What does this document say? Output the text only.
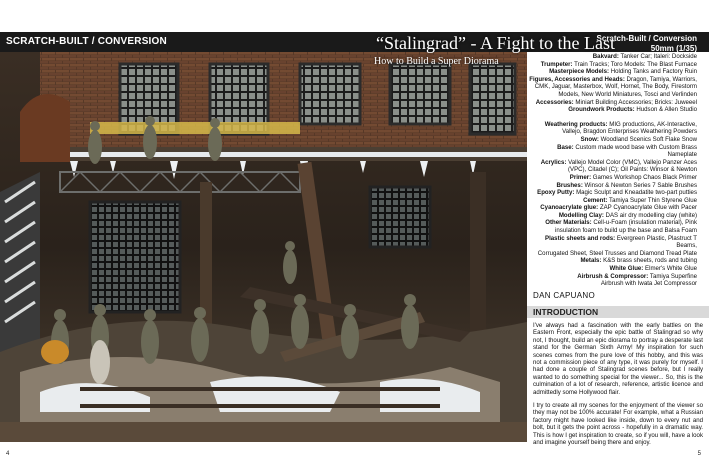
SCRATCH-BUILT / CONVERSION	Scratch-Built / Conversion
50mm (1/35)
“Stalingrad” - A Fight to the Last
How to Build a Super Diorama	Bakvard: Tanker Car; Italeri: Dockside

Trumpeter: Train Tracks; Toro Models: The Blast Furnace

Masterpiece Models: Holding Tanks and Factory Ruin

Figures, Accessories and Heads: Dragon, Tamiya, Warriors,

CMK, Jaguar, Masterbox, Wolf, Hornet, The Body, Firestorm

Models, New World Miniatures, Tosci and Verlinden

Accessories: Miniart Building Accessories; Bricks: Juweeel

Groundwork Products: Hudson & Allen Studio

Weathering products: MIG productions, AK-Interactive,

Vallejo, Bragdon Enterprises Weathering Powders

Snow: Woodland Scenics Soft Flake Snow

Base: Custom made wood base with Custom Brass Nameplate

Acrylics: Vallejo Model Color (VMC), Vallejo Panzer Aces

(VPC), Citadel (C); Oil Paints: Winsor & Newton

Primer: Games Workshop Chaos Black Primer

Brushes: Winsor & Newton Series 7 Sable Brushes

Epoxy Putty: Magic Sculpt and Kneadatite two-part putties

Cement: Tamiya Super Thin Styrene Glue

Cyanoacrylate glue: ZAP Cyanoacrylate Glue with Pacer

Modelling Clay: DAS air dry modelling clay (white)

Other Materials: Cell-u-Foam (insulation material), Pink

insulation foam to build up the base and Balsa Foam

Plastic sheets and rods: Evergreen Plastic, Plastruct T Beams,

Corrugated Sheet, Steel Trusses and Diamond Tread Plate

Metals: K&S brass sheets, rods and tubing

White Glue: Elmer's White Glue

Airbrush & Compressor: Tamiya Superfine

Airbrush with Iwata Jet Compressor

DAN CAPUANO
INTRODUCTION

I've always had a fascination with the early battles on the Eastern Front, especially the epic battle of Stalingrad so why not, I thought, build an epic diorama to portray a desperate last stand for the German Sixth Army! My inspiration for such scenes comes from the pure love of this hobby, and this was not a commission piece of any type, it was purely for myself. I had done a couple of Stalingrad scenes before, but I really wanted to do something special for the viewer... So, this is the culmination of a lot of research, reference, artistic licence and admittedly some Hollywood flair.

I try to create all my scenes for the enjoyment of the viewer so they may not be 100% accurate! For example, what a Russian factory might have looked like inside, down to every nut and bolt, but it gets the point across - hopefully in a dramatic way. This is how I get inspiration to create, so if you will, have a look and imagine yourself being there and enjoy.

4	5
